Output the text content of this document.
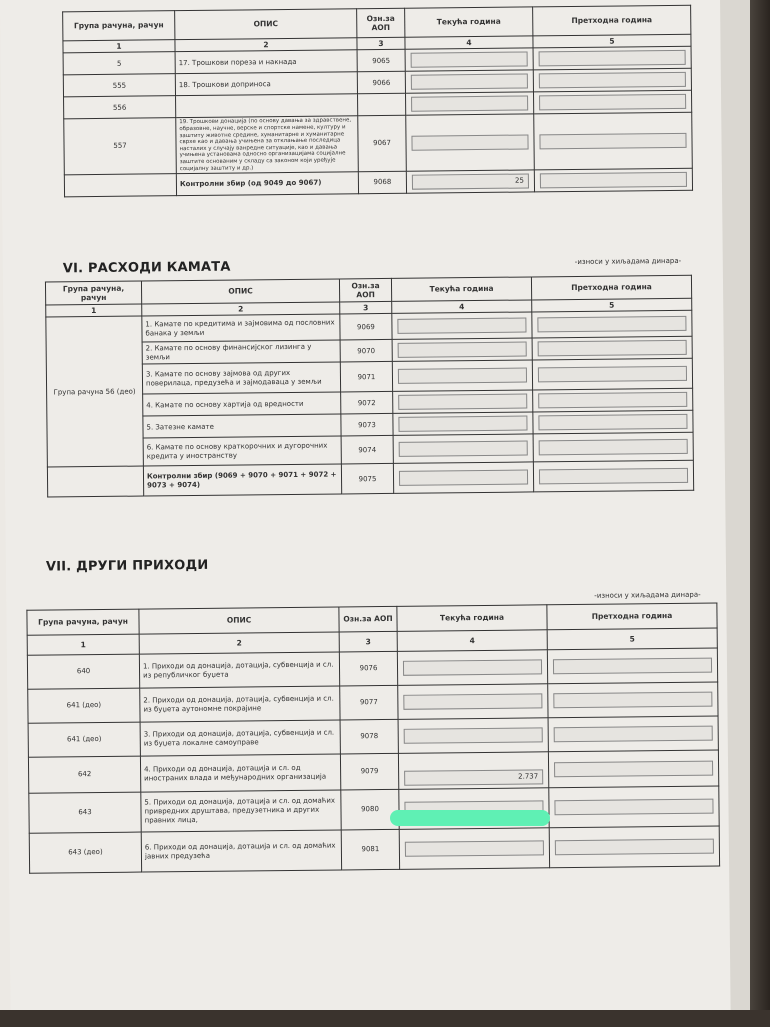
Група рачуна, рачун	ОПИС	Озн.за АОП	Текућа година	Претходна година
1	2	3	4	5
5	17. Трошкови пореза и накнада	9065	

555	18. Трошкови доприноса	9066	

556			

557	19. Трошкови донација (по основу давања за здравствене, образовне, научне, верске и спортске намене, културу и заштиту животне средине, хуманитарне и хуманитарне сврхе као и давања учињена за отклањање последица насталих у случају ванредне ситуације, као и давања учињена установама односно организацијама социјалне заштите основаним у складу са законом који уређује социјалну заштиту и др.)	9067	

	Контролни збир (од 9049 до 9067)	9068	25	

VI. РАСХОДИ КАМАТА	-износи у хиљадама динара-
Група рачуна, рачун	ОПИС	Озн.за АОП	Текућа година	Претходна година
1	2	3	4	5
Група рачуна 56 (део)	1. Камате по кредитима и зајмовима од пословних банака у земљи	9069	

	2. Камате по основу финансијског лизинга у земљи	9070	

	3. Камате по основу зајмова од других поверилаца, предузећа и зајмодаваца у земљи	9071	

	4. Камате по основу хартија од вредности	9072	

	5. Затезне камате	9073	

	6. Камате по основу краткорочних и дугорочних кредита у иностранству	9074	

	Контролни збир (9069 + 9070 + 9071 + 9072 + 9073 + 9074)	9075	

VII. ДРУГИ ПРИХОДИ
-износи у хиљадама динара-
Група рачуна, рачун	ОПИС	Озн.за АОП	Текућа година	Претходна година
1	2	3	4	5
640	1. Приходи од донација, дотација, субвенција и сл. из републичког буџета	9076	

641 (део)	2. Приходи од донација, дотација, субвенција и сл. из буџета аутономне покрајине	9077	

641 (део)	3. Приходи од донација, дотација, субвенција и сл. из буџета локалне самоуправе	9078	

642	4. Приходи од донација, дотација и сл. од иностраних влада и међународних организација	9079	2.737	

643	5. Приходи од донација, дотација и сл. од домаћих привредних друштава, предузетника и других правних лица,	9080	

643 (део)	6. Приходи од донација, дотација и сл. од домаћих јавних предузећа	9081	
